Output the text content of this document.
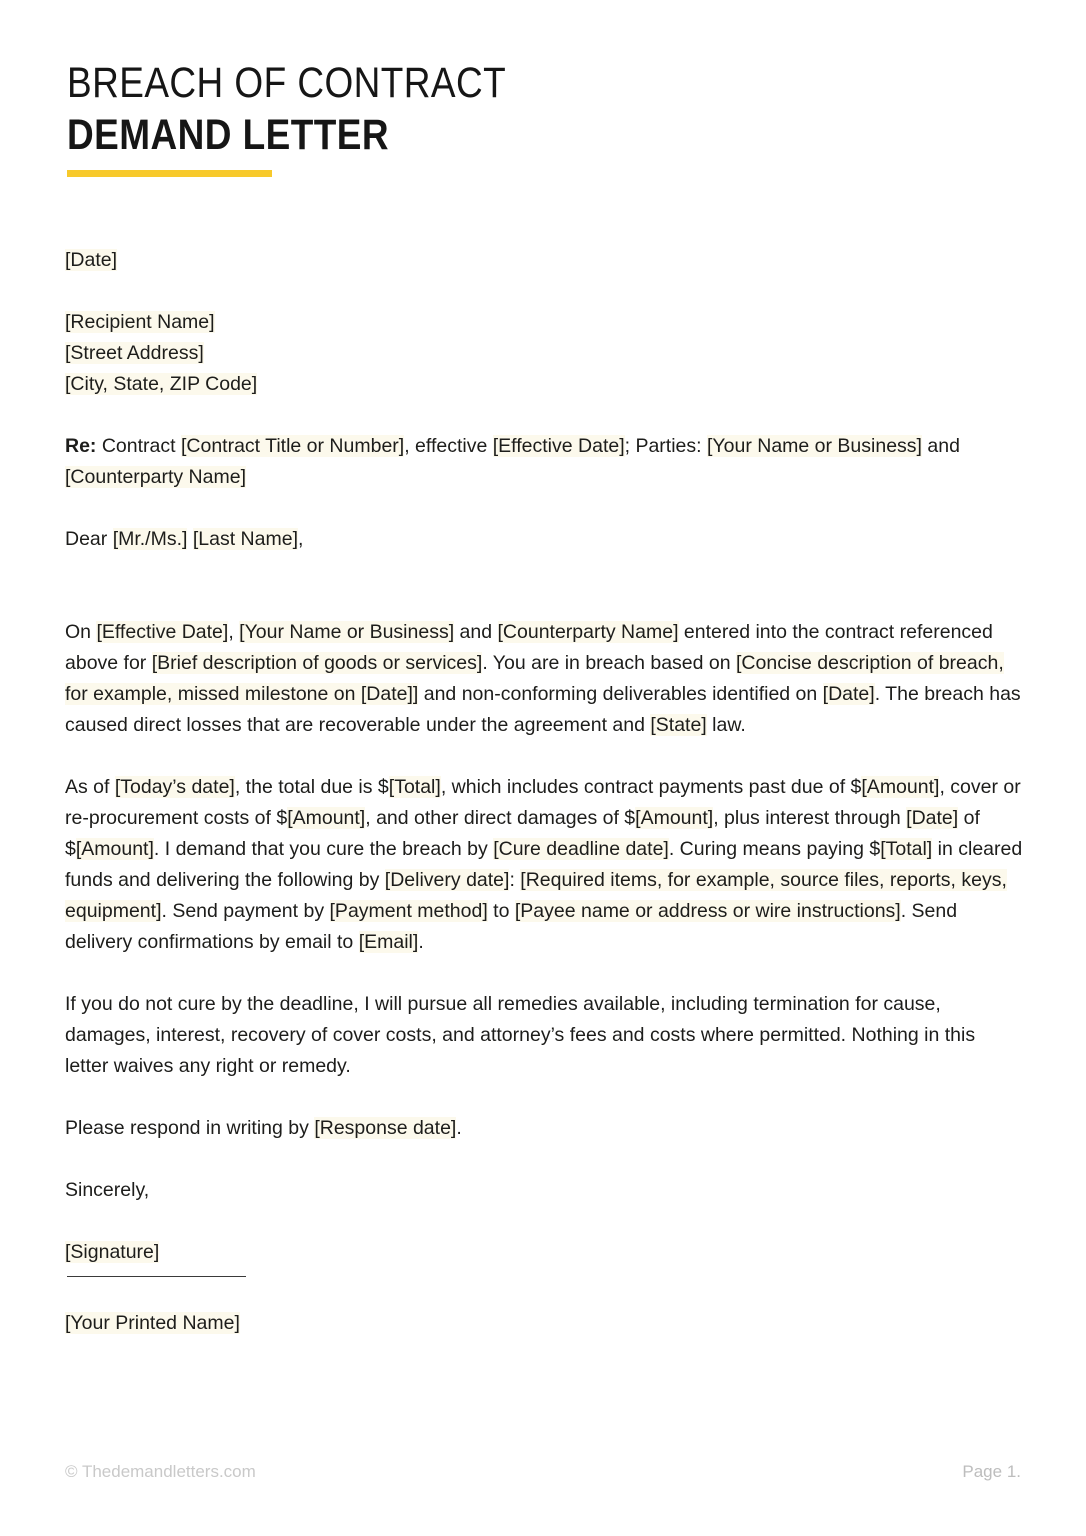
BREACH OF CONTRACT
DEMAND LETTER
[Date]
[Recipient Name]
[Street Address]
[City, State, ZIP Code]
Re: Contract [Contract Title or Number], effective [Effective Date]; Parties: [Your Name or Business] and [Counterparty Name]
Dear [Mr./Ms.] [Last Name],
On [Effective Date], [Your Name or Business] and [Counterparty Name] entered into the contract referenced above for [Brief description of goods or services]. You are in breach based on [Concise description of breach, for example, missed milestone on [Date]] and non-conforming deliverables identified on [Date]. The breach has caused direct losses that are recoverable under the agreement and [State] law.
As of [Today’s date], the total due is $[Total], which includes contract payments past due of $[Amount], cover or re-procurement costs of $[Amount], and other direct damages of $[Amount], plus interest through [Date] of $[Amount]. I demand that you cure the breach by [Cure deadline date]. Curing means paying $[Total] in cleared funds and delivering the following by [Delivery date]: [Required items, for example, source files, reports, keys, equipment]. Send payment by [Payment method] to [Payee name or address or wire instructions]. Send delivery confirmations by email to [Email].
If you do not cure by the deadline, I will pursue all remedies available, including termination for cause, damages, interest, recovery of cover costs, and attorney’s fees and costs where permitted. Nothing in this letter waives any right or remedy.
Please respond in writing by [Response date].
Sincerely,
[Signature]
[Your Printed Name]
© Thedemandletters.com	Page 1.
